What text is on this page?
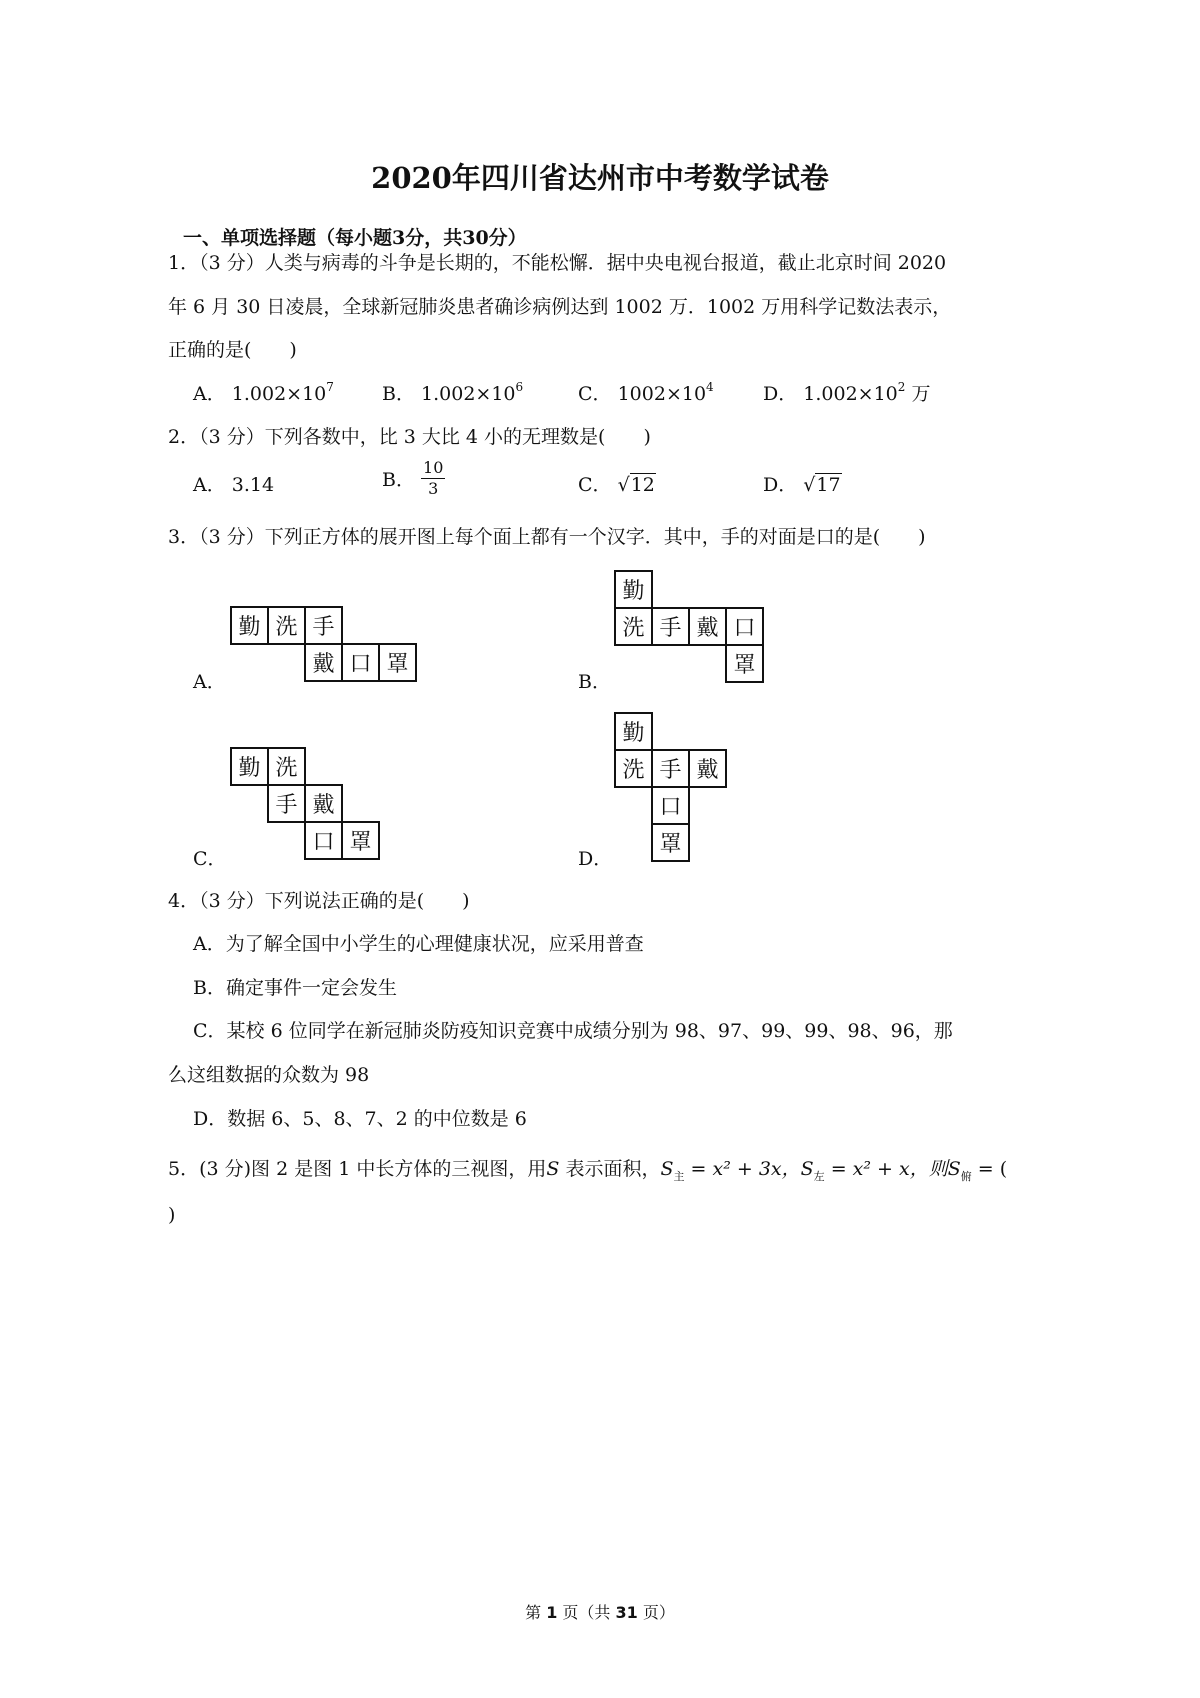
2020年四川省达州市中考数学试卷
一、单项选择题（每小题3分，共30分）
1．（3 分）人类与病毒的斗争是长期的，不能松懈．据中央电视台报道，截止北京时间 2020
年 6 月 30 日凌晨，全球新冠肺炎患者确诊病例达到 1002 万．1002 万用科学记数法表示，
正确的是(　　)
A． $1.002\times 10^7$	B． $1.002\times 10^6$	C． $1002\times 10^4$	D． $1.002\times 10^2$ 万
2．（3 分）下列各数中，比 3 大比 4 小的无理数是(　　)
A． 3.14	B． $\frac{10}{3}$	C． √12	D． √17
3．（3 分）下列正方体的展开图上每个面上都有一个汉字．其中，手的对面是口的是(　　)
A．
勤 洗 手
戴 口 罩
B．
勤
洗 手 戴 口
罩
C．
勤 洗
手 戴
口 罩
D．
勤
洗 手 戴
口
罩
4．（3 分）下列说法正确的是(　　)
A．为了解全国中小学生的心理健康状况，应采用普查
B．确定事件一定会发生
C．某校 6 位同学在新冠肺炎防疫知识竞赛中成绩分别为 98、97、99、99、98、96，那
么这组数据的众数为 98
D．数据 6、5、8、7、2 的中位数是 6
5．(3 分)图 2 是图 1 中长方体的三视图，用S 表示面积，$S_主 = x^2 + 3x$，$S_左 = x^2 + x$，则$S_俯$ = (
)
第 1 页（共 31 页）
